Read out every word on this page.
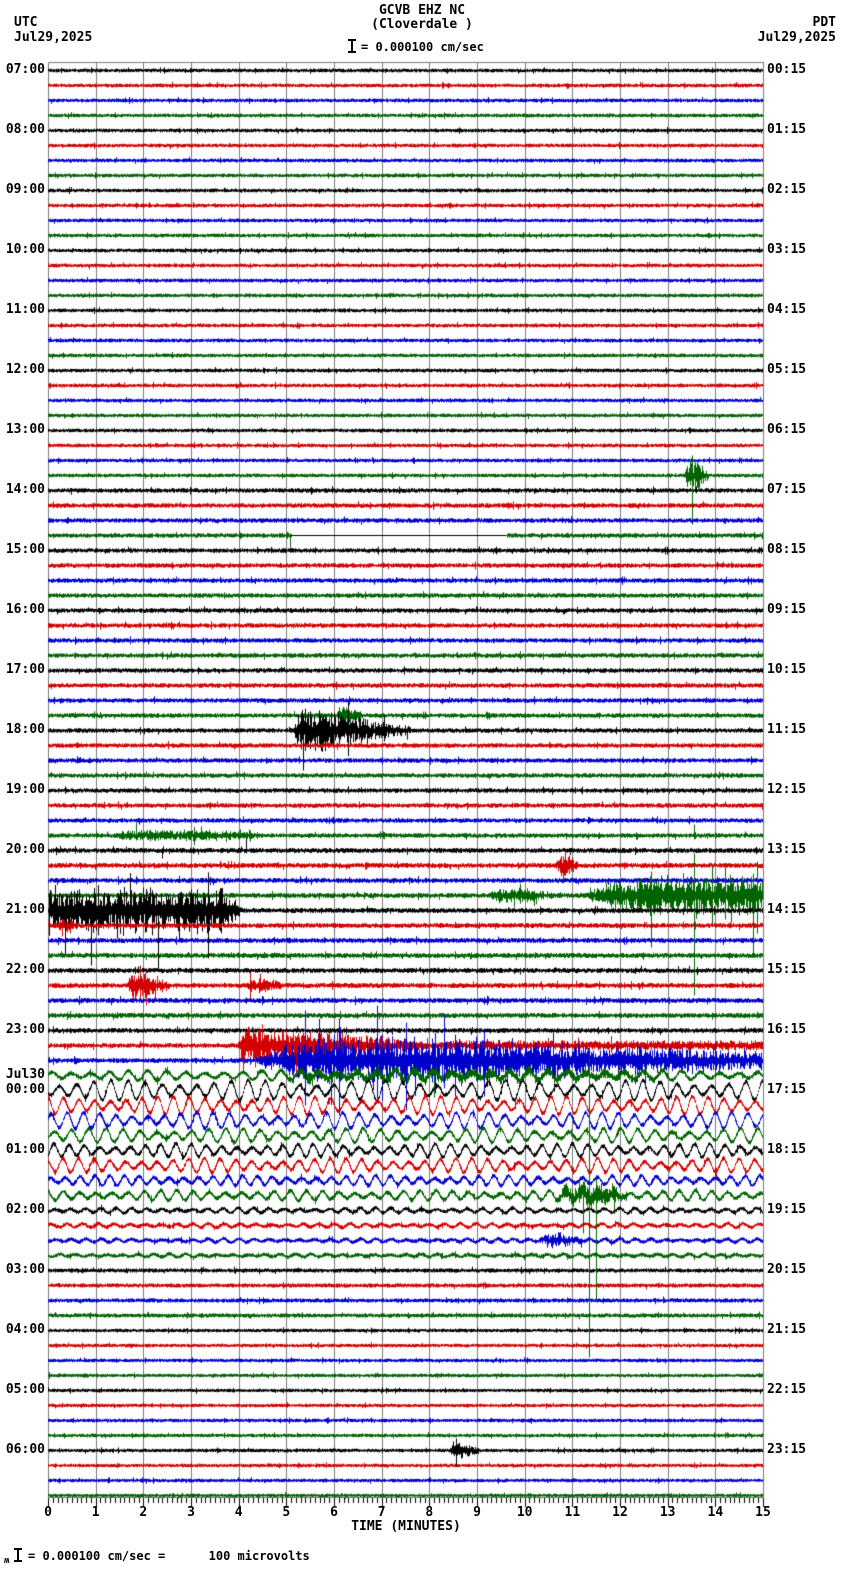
TIME (MINUTES)
ʍ = 0.000100 cm/sec =      100 microvolts
07:00
08:00
09:00
10:00
11:00
12:00
13:00
14:00
15:00
16:00
17:00
18:00
19:00
20:00
21:00
22:00
23:00
Jul30
00:00
01:00
02:00
03:00
04:00
05:00
06:00
00:15
01:15
02:15
03:15
04:15
05:15
06:15
07:15
08:15
09:15
10:15
11:15
12:15
13:15
14:15
15:15
16:15
17:15
18:15
19:15
20:15
21:15
22:15
23:15
0	1	2	3	4	5	6	7	8	9	10	11	12	13	14	15
